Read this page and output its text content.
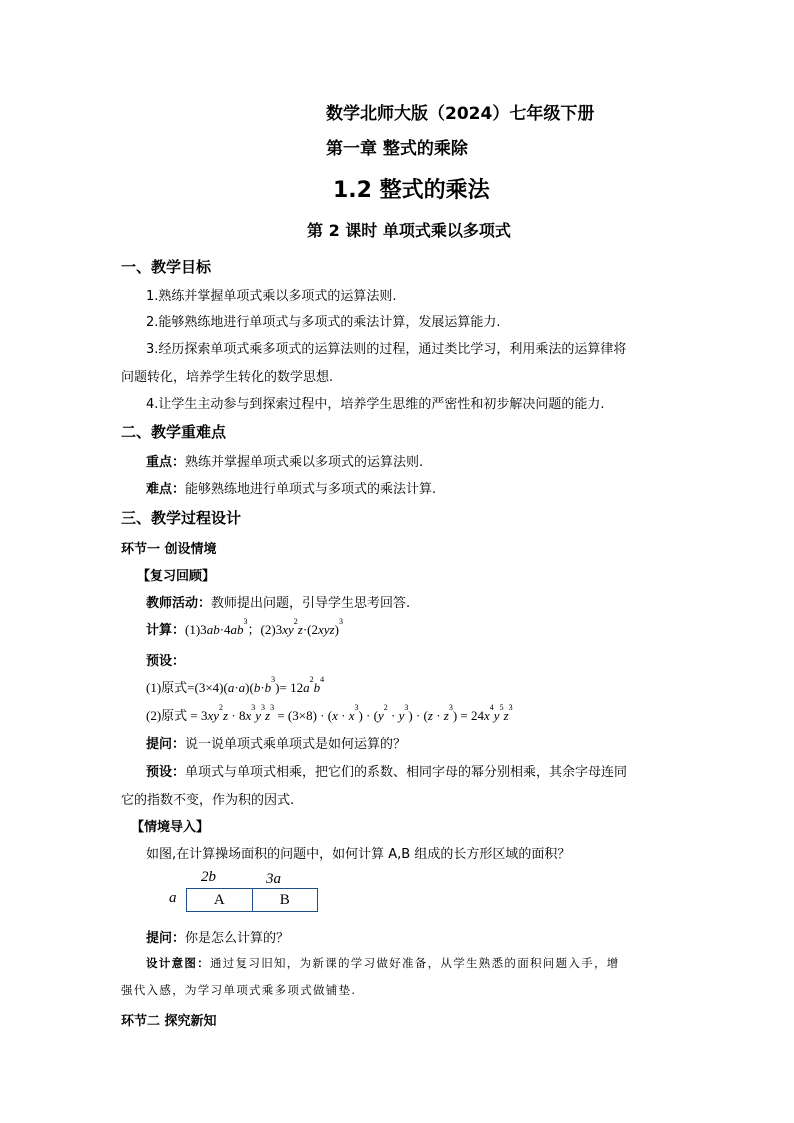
数学北师大版（2024）七年级下册
第一章 整式的乘除
1.2 整式的乘法
第 2 课时 单项式乘以多项式
一、教学目标
1.熟练并掌握单项式乘以多项式的运算法则.
2.能够熟练地进行单项式与多项式的乘法计算，发展运算能力.
3.经历探索单项式乘多项式的运算法则的过程，通过类比学习，利用乘法的运算律将
问题转化，培养学生转化的数学思想.
4.让学生主动参与到探索过程中，培养学生思维的严密性和初步解决问题的能力.
二、教学重难点
重点：熟练并掌握单项式乘以多项式的运算法则.
难点：能够熟练地进行单项式与多项式的乘法计算.
三、教学过程设计
环节一 创设情境
【复习回顾】
教师活动：教师提出问题，引导学生思考回答.
计算：$(1)3ab\cdot 4ab^3$；$(2)3xy^2z\cdot(2xyz)^3$
预设：
(1)原式$=(3\times 4)(a\cdot a)(b\cdot b^3)= 12a^2b^4$
(2)原式 = $3xy^2z \cdot 8x^3y^3z^3 = (3\times 8) \cdot (x \cdot x^3) \cdot (y^2 \cdot y^3) \cdot (z \cdot z^3) = 24x^4y^5z^3$
提问：说一说单项式乘单项式是如何运算的？
预设：单项式与单项式相乘，把它们的系数、相同字母的幂分别相乘，其余字母连同
它的指数不变，作为积的因式.
【情境导入】
如图,在计算操场面积的问题中，如何计算 A,B 组成的长方形区域的面积？
2b	3a
a	A	B
提问：你是怎么计算的？
设计意图：通过复习旧知，为新课的学习做好准备，从学生熟悉的面积问题入手，增
强代入感，为学习单项式乘多项式做铺垫.
环节二 探究新知
